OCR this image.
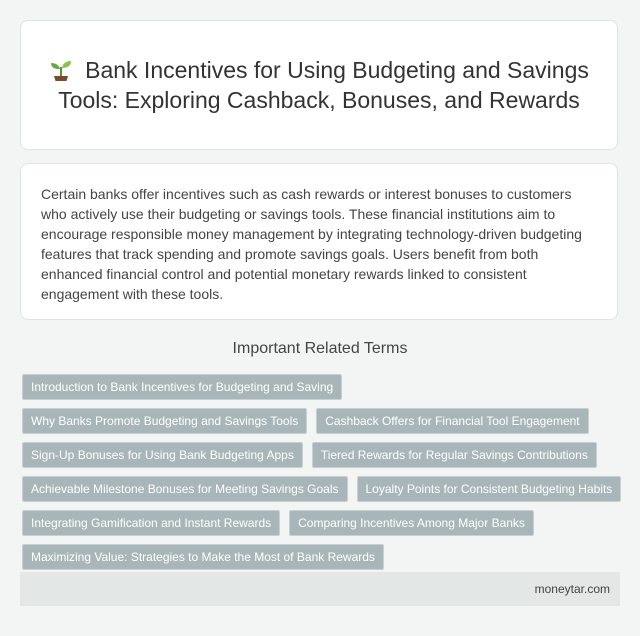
Bank Incentives for Using Budgeting and Savings Tools: Exploring Cashback, Bonuses, and Rewards

Certain banks offer incentives such as cash rewards or interest bonuses to customers who actively use their budgeting or savings tools. These financial institutions aim to encourage responsible money management by integrating technology-driven budgeting features that track spending and promote savings goals. Users benefit from both enhanced financial control and potential monetary rewards linked to consistent engagement with these tools.

Important Related Terms
Introduction to Bank Incentives for Budgeting and Saving
Why Banks Promote Budgeting and Savings Tools	Cashback Offers for Financial Tool Engagement
Sign-Up Bonuses for Using Bank Budgeting Apps	Tiered Rewards for Regular Savings Contributions
Achievable Milestone Bonuses for Meeting Savings Goals	Loyalty Points for Consistent Budgeting Habits
Integrating Gamification and Instant Rewards	Comparing Incentives Among Major Banks
Maximizing Value: Strategies to Make the Most of Bank Rewards
moneytar.com
